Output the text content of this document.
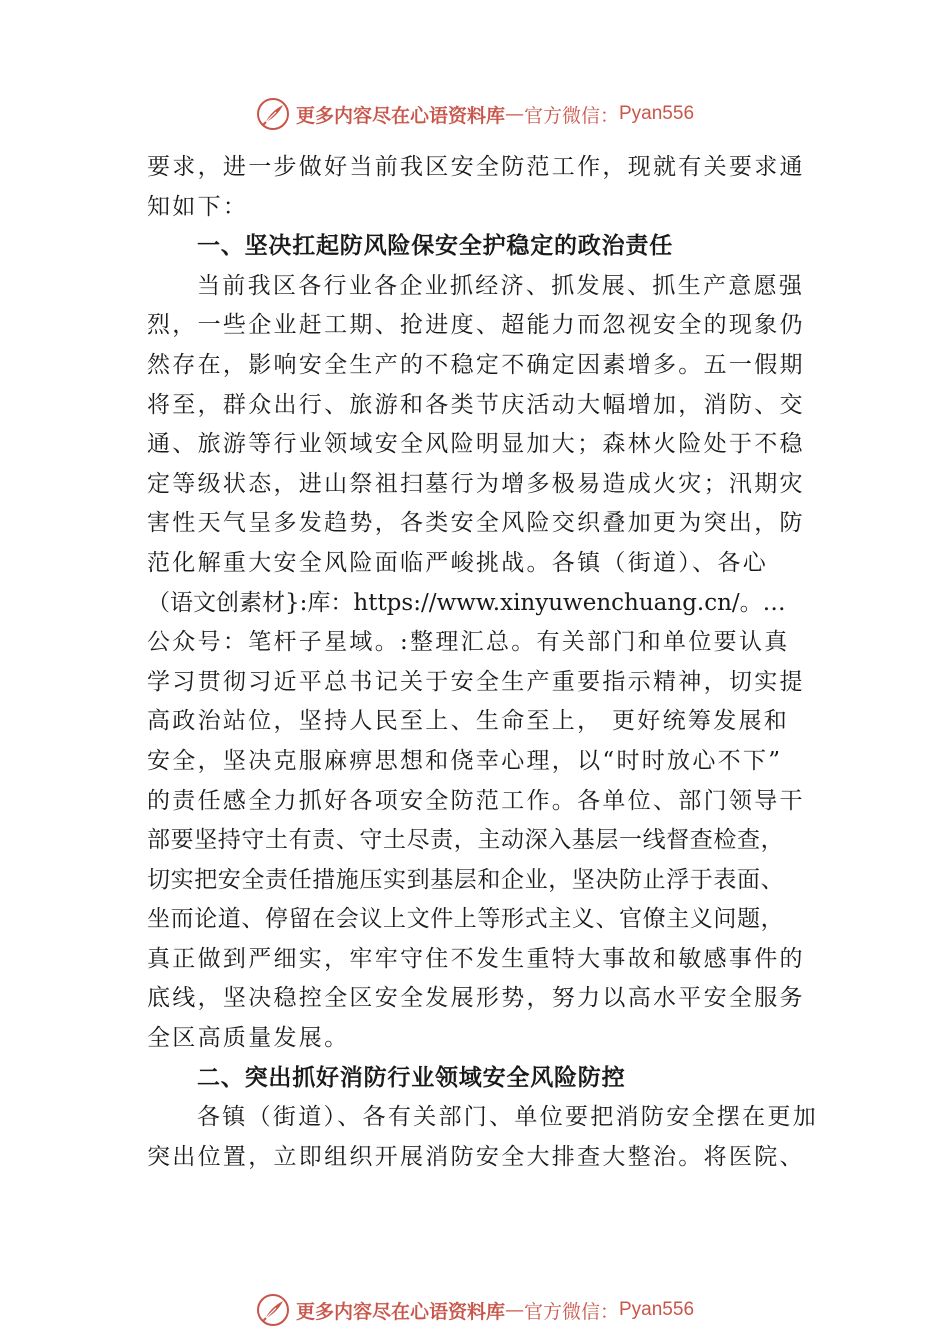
更多内容尽在心语资料库 — 官方微信： Pyan556
要求，进一步做好当前我区安全防范工作，现就有关要求通
知如下：
一、坚决扛起防风险保安全护稳定的政治责任
当前我区各行业各企业抓经济、抓发展、抓生产意愿强
烈，一些企业赶工期、抢进度、超能力而忽视安全的现象仍
然存在，影响安全生产的不稳定不确定因素增多。五一假期
将至，群众出行、旅游和各类节庆活动大幅增加，消防、交
通、旅游等行业领域安全风险明显加大；森林火险处于不稳
定等级状态，进山祭祖扫墓行为增多极易造成火灾；汛期灾
害性天气呈多发趋势，各类安全风险交织叠加更为突出，防
范化解重大安全风险面临严峻挑战。各镇（街道）、各心
（语文创素材}:库：https://www.xinyuwenchuang.cn/。…
公众号：笔杆子星域。:整理汇总。有关部门和单位要认真
学习贯彻习近平总书记关于安全生产重要指示精神，切实提
高政治站位，坚持人民至上、生命至上， 更好统筹发展和
安全，坚决克服麻痹思想和侥幸心理，以“时时放心不下”
的责任感全力抓好各项安全防范工作。各单位、部门领导干
部要坚持守土有责、守土尽责，主动深入基层一线督查检查，
切实把安全责任措施压实到基层和企业，坚决防止浮于表面、
坐而论道、停留在会议上文件上等形式主义、官僚主义问题，
真正做到严细实，牢牢守住不发生重特大事故和敏感事件的
底线，坚决稳控全区安全发展形势，努力以高水平安全服务
全区高质量发展。
二、突出抓好消防行业领域安全风险防控
各镇（街道）、各有关部门、单位要把消防安全摆在更加
突出位置，立即组织开展消防安全大排查大整治。将医院、
更多内容尽在心语资料库 — 官方微信： Pyan556
